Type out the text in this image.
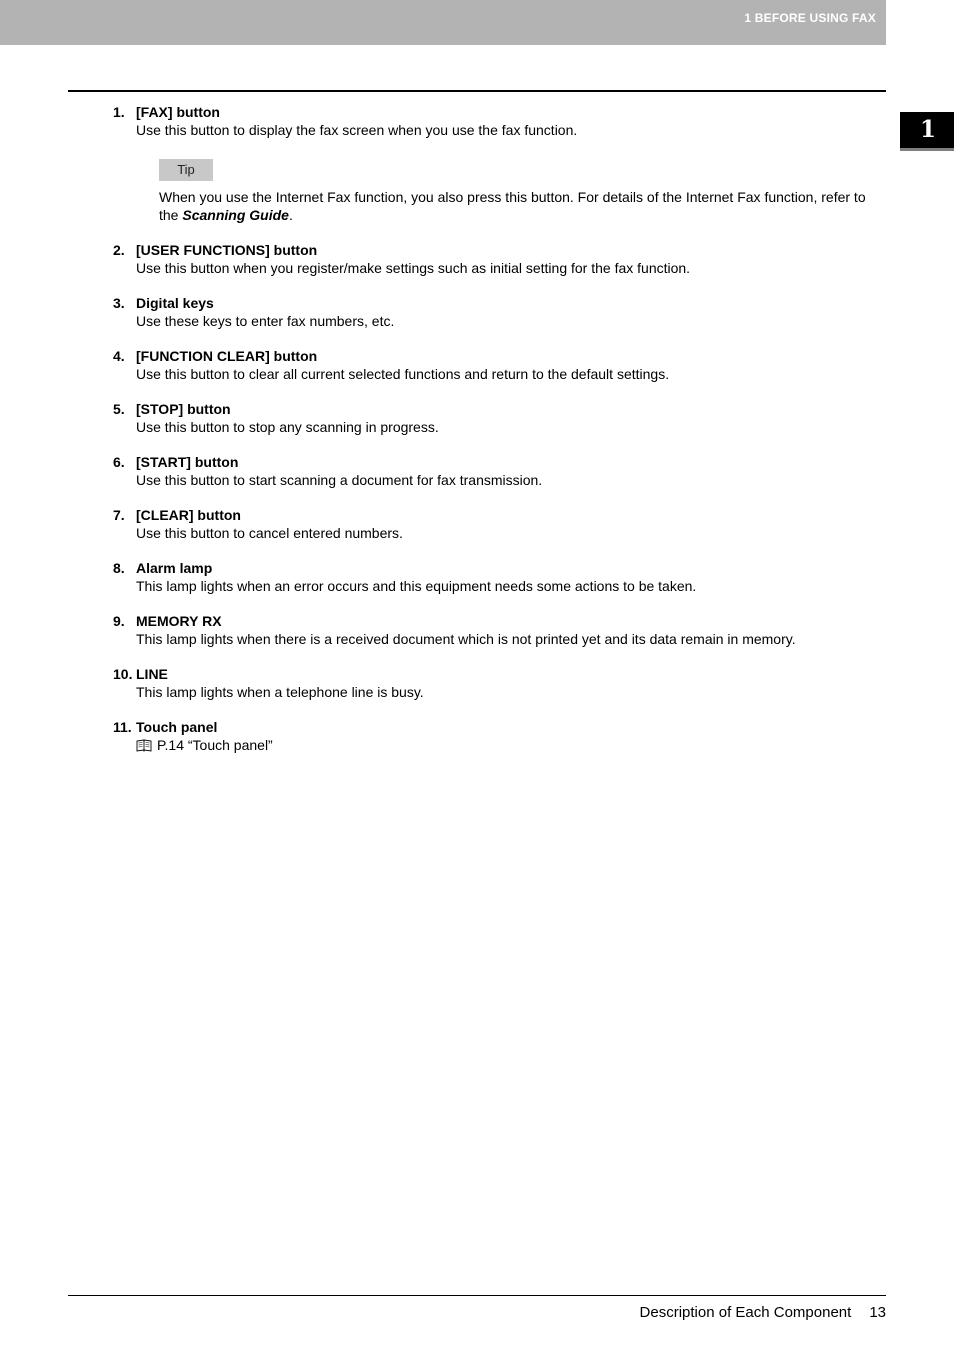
1 BEFORE USING FAX
1
1. [FAX] button
Use this button to display the fax screen when you use the fax function.
Tip
When you use the Internet Fax function, you also press this button. For details of the Internet Fax function, refer to the Scanning Guide.
2. [USER FUNCTIONS] button
Use this button when you register/make settings such as initial setting for the fax function.
3. Digital keys
Use these keys to enter fax numbers, etc.
4. [FUNCTION CLEAR] button
Use this button to clear all current selected functions and return to the default settings.
5. [STOP] button
Use this button to stop any scanning in progress.
6. [START] button
Use this button to start scanning a document for fax transmission.
7. [CLEAR] button
Use this button to cancel entered numbers.
8. Alarm lamp
This lamp lights when an error occurs and this equipment needs some actions to be taken.
9. MEMORY RX
This lamp lights when there is a received document which is not printed yet and its data remain in memory.
10. LINE
This lamp lights when a telephone line is busy.
11. Touch panel
P.14 “Touch panel”
Description of Each Component 13
